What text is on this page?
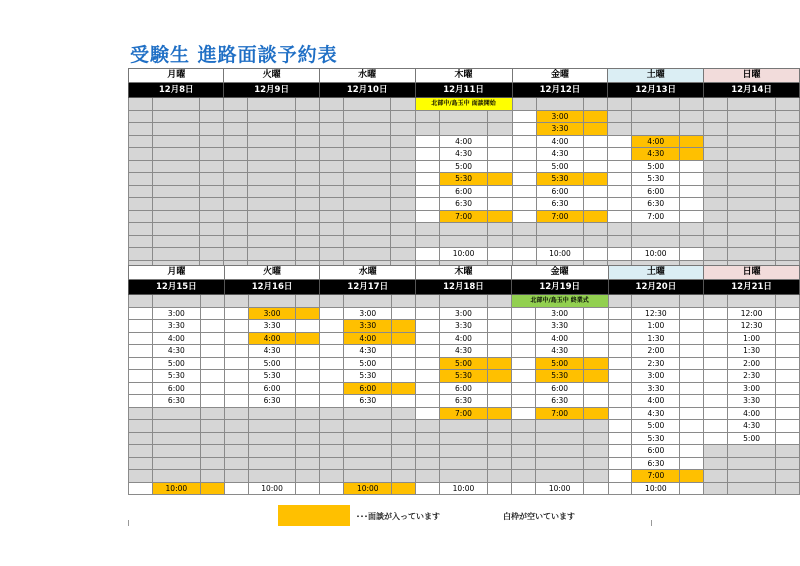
受験生 進路面談予約表
月曜			火曜			水曜			木曜			金曜			土曜			日曜		
12月8日			12月9日			12月10日			12月11日			12月12日			12月13日			12月14日		
									北部中/島玉中 面談開始											
													3:00							
													3:30							
										4:00			4:00			4:00				
										4:30			4:30			4:30				
										5:00			5:00			5:00				
										5:30			5:30			5:30				
										6:00			6:00			6:00				
										6:30			6:30			6:30				
										7:00			7:00			7:00				

										10:00			10:00			10:00				

月曜			火曜			水曜			木曜			金曜			土曜			日曜		
12月15日			12月16日			12月17日			12月18日			12月19日			12月20日			12月21日		
												北部中/島玉中 終業式								
	3:00			3:00			3:00			3:00			3:00			12:30			12:00	
	3:30			3:30			3:30			3:30			3:30			1:00			12:30	
	4:00			4:00			4:00			4:00			4:00			1:30			1:00	
	4:30			4:30			4:30			4:30			4:30			2:00			1:30	
	5:00			5:00			5:00			5:00			5:00			2:30			2:00	
	5:30			5:30			5:30			5:30			5:30			3:00			2:30	
	6:00			6:00			6:00			6:00			6:00			3:30			3:00	
	6:30			6:30			6:30			6:30			6:30			4:00			3:30	
										7:00			7:00			4:30			4:00	
																5:00			4:30	
																5:30			5:00	
																6:00				
																6:30				
																7:00				
	10:00			10:00			10:00			10:00			10:00			10:00				
･･･面談が入っています	白枠が空いています
